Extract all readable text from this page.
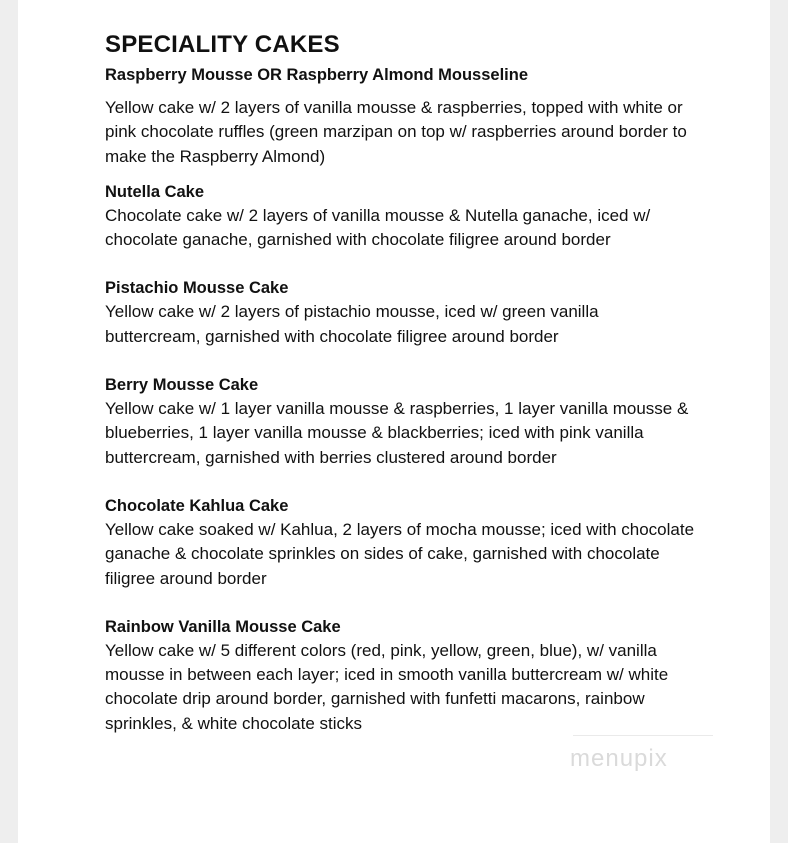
SPECIALITY CAKES

Raspberry Mousse OR Raspberry Almond Mousseline

Yellow cake w/ 2 layers of vanilla mousse & raspberries, topped with white or pink chocolate ruffles (green marzipan on top w/ raspberries around border to make the Raspberry Almond)

Nutella Cake

Chocolate cake w/ 2 layers of vanilla mousse & Nutella ganache, iced w/ chocolate ganache, garnished with chocolate filigree around border

Pistachio Mousse Cake

Yellow cake w/ 2 layers of pistachio mousse, iced w/ green vanilla buttercream, garnished with chocolate filigree around border

Berry Mousse Cake

Yellow cake w/ 1 layer vanilla mousse & raspberries, 1 layer vanilla mousse & blueberries, 1 layer vanilla mousse & blackberries; iced with pink vanilla buttercream, garnished with berries clustered around border

Chocolate Kahlua Cake

Yellow cake soaked w/ Kahlua, 2 layers of mocha mousse; iced with chocolate ganache & chocolate sprinkles on sides of cake, garnished with chocolate filigree around border

Rainbow Vanilla Mousse Cake

Yellow cake w/ 5 different colors (red, pink, yellow, green, blue), w/ vanilla mousse in between each layer; iced in smooth vanilla buttercream w/ white chocolate drip around border, garnished with funfetti macarons, rainbow sprinkles, & white chocolate sticks

menupix
